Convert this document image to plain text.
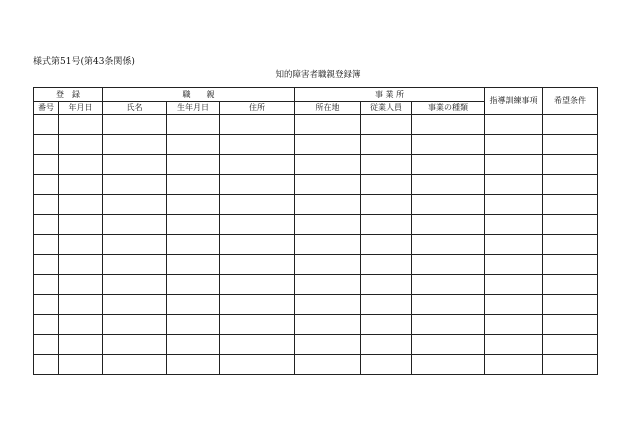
様式第51号(第43条関係)
知的障害者職親登録簿
登　録		職　　親			事 業 所			指導訓練事項	希望条件
番号	年月日	氏名	生年月日	住所	所在地	従業人員	事業の種類		
